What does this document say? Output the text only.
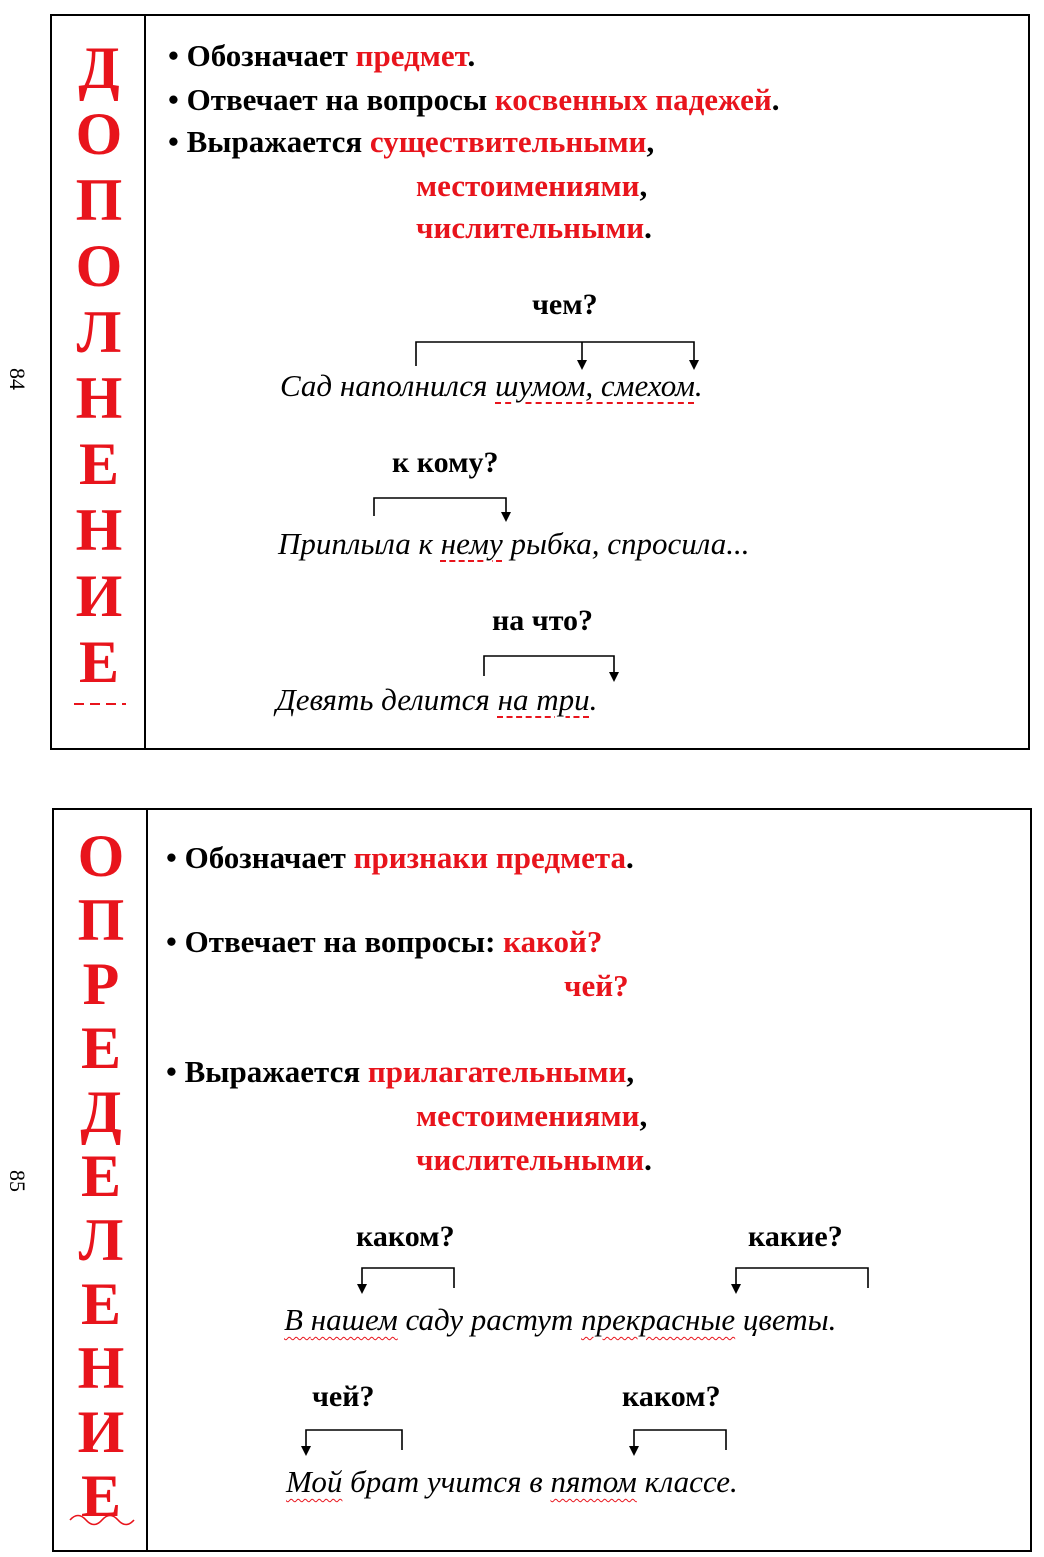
84
85
Д
О
П
О
Л
Н
Е
Н
И
Е
• Обозначает предмет.
• Отвечает на вопросы косвенных падежей.
• Выражается существительными,
местоимениями,
числительными.
чем?
Сад наполнился шумом, смехом.
к кому?
Приплыла к нему рыбка, спросила...
на что?
Девять делится на три.
О
П
Р
Е
Д
Е
Л
Е
Н
И
Е
• Обозначает признаки предмета.
• Отвечает на вопросы: какой?
чей?
• Выражается прилагательными,
местоимениями,
числительными.
каком?	какие?
В нашем саду растут прекрасные цветы.
чей?	каком?
Мой брат учится в пятом классе.
